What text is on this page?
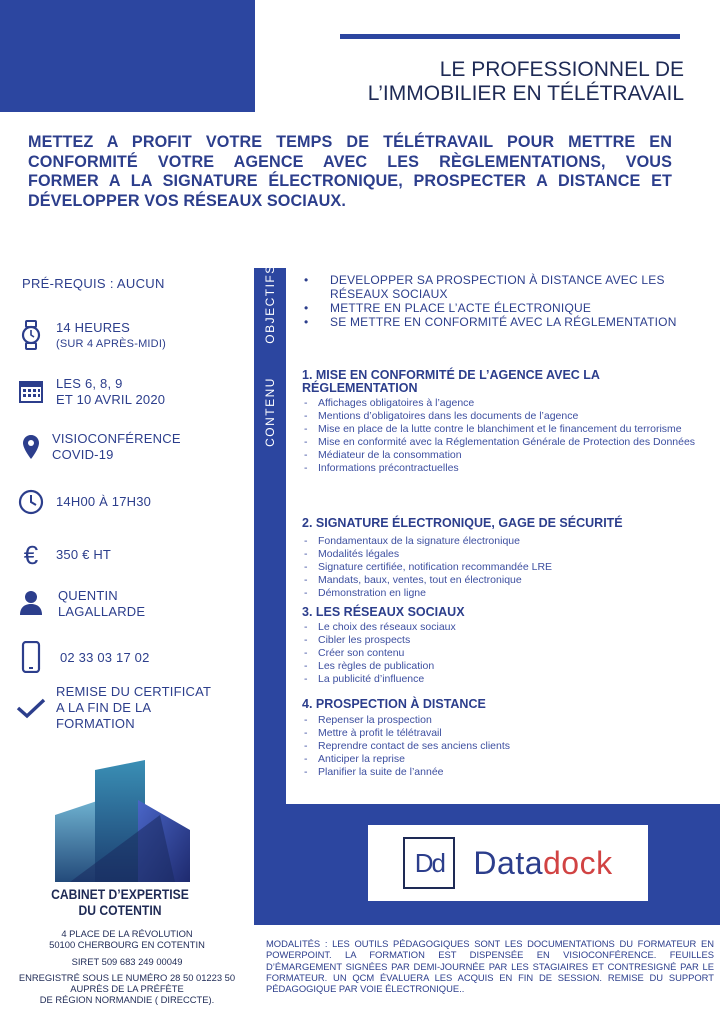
LE PROFESSIONNEL DE
L’IMMOBILIER EN TÉLÉTRAVAIL
METTEZ A PROFIT VOTRE TEMPS DE TÉLÉTRAVAIL POUR METTRE EN
CONFORMITÉ VOTRE AGENCE AVEC LES RÈGLEMENTATIONS, VOUS
FORMER A LA SIGNATURE ÉLECTRONIQUE, PROSPECTER A DISTANCE ET
DÉVELOPPER VOS RÉSEAUX SOCIAUX.
PRÉ-REQUIS : AUCUN
14 HEURES
(SUR 4 APRÈS-MIDI)
LES 6, 8, 9
ET 10 AVRIL 2020
VISIOCONFÉRENCE
COVID-19
14H00 À 17H30
€	350 € HT
QUENTIN
LAGALLARDE
02 33 03 17 02
REMISE DU CERTIFICAT
A LA FIN DE LA
FORMATION
CABINET D’EXPERTISE
DU COTENTIN
4 PLACE DE LA RÉVOLUTION
50100 CHERBOURG EN COTENTIN
SIRET 509 683 249 00049
ENREGISTRÉ SOUS LE NUMÉRO 28 50 01223 50
AUPRÈS DE LA PRÉFÈTE
DE RÉGION NORMANDIE ( DIRECCTE).
OBJECTIFS
CONTENU
• DEVELOPPER SA PROSPECTION À DISTANCE AVEC LES RÉSEAUX SOCIAUX
• METTRE EN PLACE L’ACTE ÉLECTRONIQUE
• SE METTRE EN CONFORMITÉ AVEC LA RÉGLEMENTATION
1. MISE EN CONFORMITÉ DE L’AGENCE AVEC LA RÉGLEMENTATION
- Affichages obligatoires à l’agence
- Mentions d’obligatoires dans les documents de l’agence
- Mise en place de la lutte contre le blanchiment et le financement du terrorisme
- Mise en conformité avec la Réglementation Générale de Protection des Données
- Médiateur de la consommation
- Informations précontractuelles
2. SIGNATURE ÉLECTRONIQUE, GAGE DE SÉCURITÉ
- Fondamentaux de la signature électronique
- Modalités légales
- Signature certifiée, notification recommandée LRE
- Mandats, baux, ventes, tout en électronique
- Démonstration en ligne
3. LES RÉSEAUX SOCIAUX
- Le choix des réseaux sociaux
- Cibler les prospects
- Créer son contenu
- Les règles de publication
- La publicité d’influence
4. PROSPECTION À DISTANCE
- Repenser la prospection
- Mettre à profit le télétravail
- Reprendre contact de ses anciens clients
- Anticiper la reprise
- Planifier la suite de l’année
Dd Datadock
MODALITÉS : LES OUTILS PÉDAGOGIQUES SONT LES DOCUMENTATIONS DU FORMATEUR EN POWERPOINT. LA FORMATION EST DISPENSÉE EN VISIOCONFÉRENCE. FEUILLES D’ÉMARGEMENT SIGNÉES PAR DEMI-JOURNÉE PAR LES STAGIAIRES ET CONTRESIGNÉ PAR LE FORMATEUR. UN QCM ÉVALUERA LES ACQUIS EN FIN DE SESSION. REMISE DU SUPPORT PÉDAGOGIQUE PAR VOIE ÉLECTRONIQUE..
